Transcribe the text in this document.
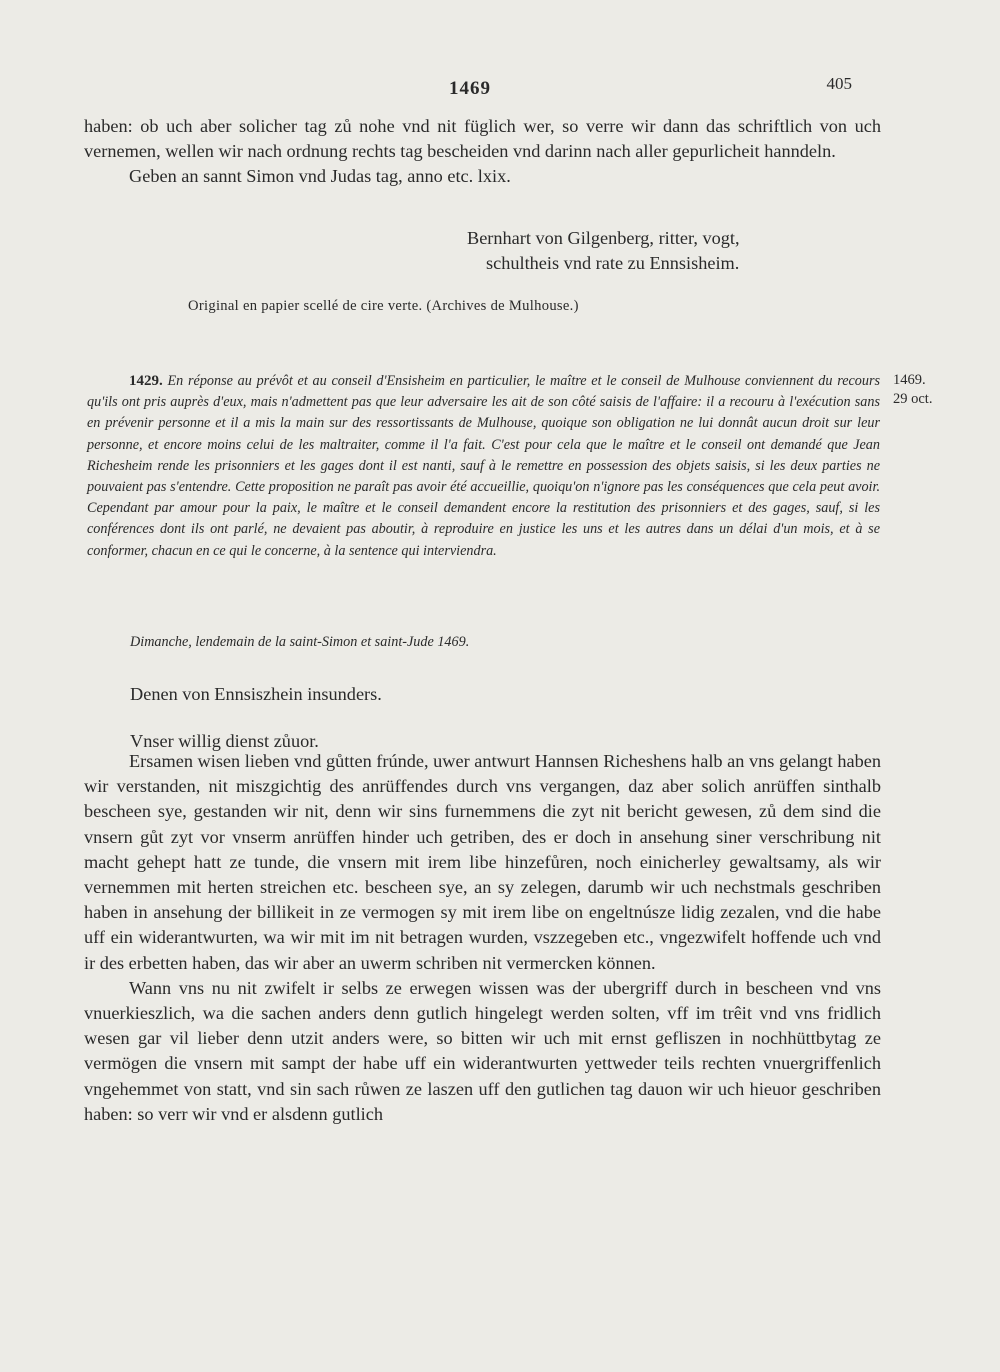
1469	405

haben: ob uch aber solicher tag zů nohe vnd nit füglich wer, so verre wir dann das schriftlich von uch vernemen, wellen wir nach ordnung rechts tag bescheiden vnd darinn nach aller gepurlicheit hanndeln.

Geben an sannt Simon vnd Judas tag, anno etc. lxix.

Bernhart von Gilgenberg, ritter, vogt,

schultheis vnd rate zu Ennsisheim.

Original en papier scellé de cire verte. (Archives de Mulhouse.)

1429. En réponse au prévôt et au conseil d'Ensisheim en particulier, le maître et le conseil de Mulhouse conviennent du recours qu'ils ont pris auprès d'eux, mais n'admettent pas que leur adversaire les ait de son côté saisis de l'affaire: il a recouru à l'exécution sans en prévenir personne et il a mis la main sur des ressortissants de Mulhouse, quoique son obligation ne lui donnât aucun droit sur leur personne, et encore moins celui de les maltraiter, comme il l'a fait. C'est pour cela que le maître et le conseil ont demandé que Jean Richesheim rende les prisonniers et les gages dont il est nanti, sauf à le remettre en possession des objets saisis, si les deux parties ne pouvaient pas s'entendre. Cette proposition ne paraît pas avoir été accueillie, quoiqu'on n'ignore pas les conséquences que cela peut avoir. Cependant par amour pour la paix, le maître et le conseil demandent encore la restitution des prisonniers et des gages, sauf, si les conférences dont ils ont parlé, ne devaient pas aboutir, à reproduire en justice les uns et les autres dans un délai d'un mois, et à se conformer, chacun en ce qui le concerne, à la sentence qui interviendra.

Dimanche, lendemain de la saint-Simon et saint-Jude 1469.
1469.
29 oct.
Denen von Ennsiszhein insunders.
Vnser willig dienst zůuor.

Ersamen wisen lieben vnd gůtten frúnde, uwer antwurt Hannsen Richeshens halb an vns gelangt haben wir verstanden, nit miszgichtig des anrüffendes durch vns vergangen, daz aber solich anrüffen sinthalb bescheen sye, gestanden wir nit, denn wir sins furnemmens die zyt nit bericht gewesen, zů dem sind die vnsern gůt zyt vor vnserm anrüffen hinder uch getriben, des er doch in ansehung siner verschribung nit macht gehept hatt ze tunde, die vnsern mit irem libe hinzefůren, noch einicherley gewaltsamy, als wir vernemmen mit herten streichen etc. bescheen sye, an sy zelegen, darumb wir uch nechstmals geschriben haben in ansehung der billikeit in ze vermogen sy mit irem libe on engeltnúsze lidig zezalen, vnd die habe uff ein widerantwurten, wa wir mit im nit betragen wurden, vszzegeben etc., vngezwifelt hoffende uch vnd ir des erbetten haben, das wir aber an uwerm schriben nit vermercken können.

Wann vns nu nit zwifelt ir selbs ze erwegen wissen was der ubergriff durch in bescheen vnd vns vnuerkieszlich, wa die sachen anders denn gutlich hingelegt werden solten, vff im trêit vnd vns fridlich wesen gar vil lieber denn utzit anders were, so bitten wir uch mit ernst gefliszen in nochhüttbytag ze vermögen die vnsern mit sampt der habe uff ein widerantwurten yettweder teils rechten vnuergriffenlich vngehemmet von statt, vnd sin sach růwen ze laszen uff den gutlichen tag dauon wir uch hieuor geschriben haben: so verr wir vnd er alsdenn gutlich
